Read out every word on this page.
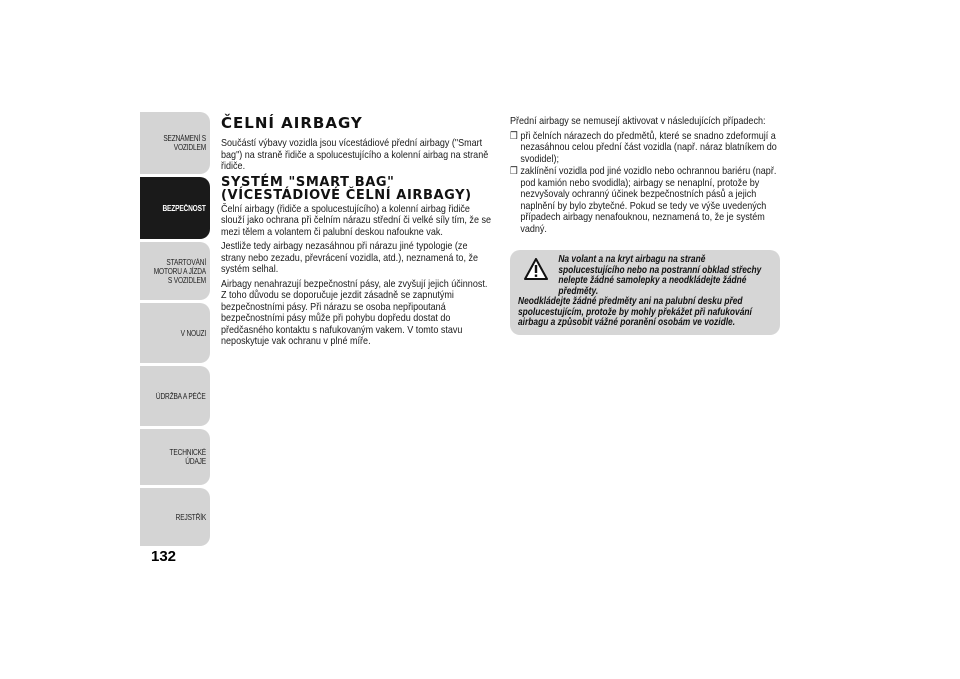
SEZNÁMENÍ S VOZIDLEM
BEZPEČNOST
STARTOVÁNÍ MOTORU A JÍZDA S VOZIDLEM
V NOUZI
ÚDRŽBA A PÉČE
TECHNICKÉ ÚDAJE
REJSTŘÍK
132
ČELNÍ AIRBAGY

Součástí výbavy vozidla jsou vícestádiové přední airbagy ("Smart bag") na straně řidiče a spolucestujícího a kolenní airbag na straně řidiče.

SYSTÉM "SMART BAG" (VÍCESTÁDIOVÉ ČELNÍ AIRBAGY)

Čelní airbagy (řidiče a spolucestujícího) a kolenní airbag řidiče slouží jako ochrana při čelním nárazu střední či velké síly tím, že se mezi tělem a volantem či palubní deskou nafoukne vak.

Jestliže tedy airbagy nezasáhnou při nárazu jiné typologie (ze strany nebo zezadu, převrácení vozidla, atd.), neznamená to, že systém selhal.

Airbagy nenahrazují bezpečnostní pásy, ale zvyšují jejich účinnost. Z toho důvodu se doporučuje jezdit zásadně se zapnutými bezpečnostními pásy. Při nárazu se osoba nepřipoutaná bezpečnostními pásy může při pohybu dopředu dostat do předčasného kontaktu s nafukovaným vakem. V tomto stavu neposkytuje vak ochranu v plné míře.

Přední airbagy se nemusejí aktivovat v následujících případech:

❒ při čelních nárazech do předmětů, které se snadno zdeformují a nezasáhnou celou přední část vozidla (např. náraz blatníkem do svodidel);
❒ zaklínění vozidla pod jiné vozidlo nebo ochrannou bariéru (např. pod kamión nebo svodidla); airbagy se nenaplní, protože by nezvyšovaly ochranný účinek bezpečnostních pásů a jejich naplnění by bylo zbytečné. Pokud se tedy ve výše uvedených případech airbagy nenafouknou, neznamená to, že je systém vadný.
Na volant a na kryt airbagu na straně spolucestujícího nebo na postranní obklad střechy nelepte žádné samolepky a neodkládejte žádné předměty.
Neodkládejte žádné předměty ani na palubní desku před spolucestujícím, protože by mohly překážet při nafukování airbagu a způsobit vážné poranění osobám ve vozidle.
